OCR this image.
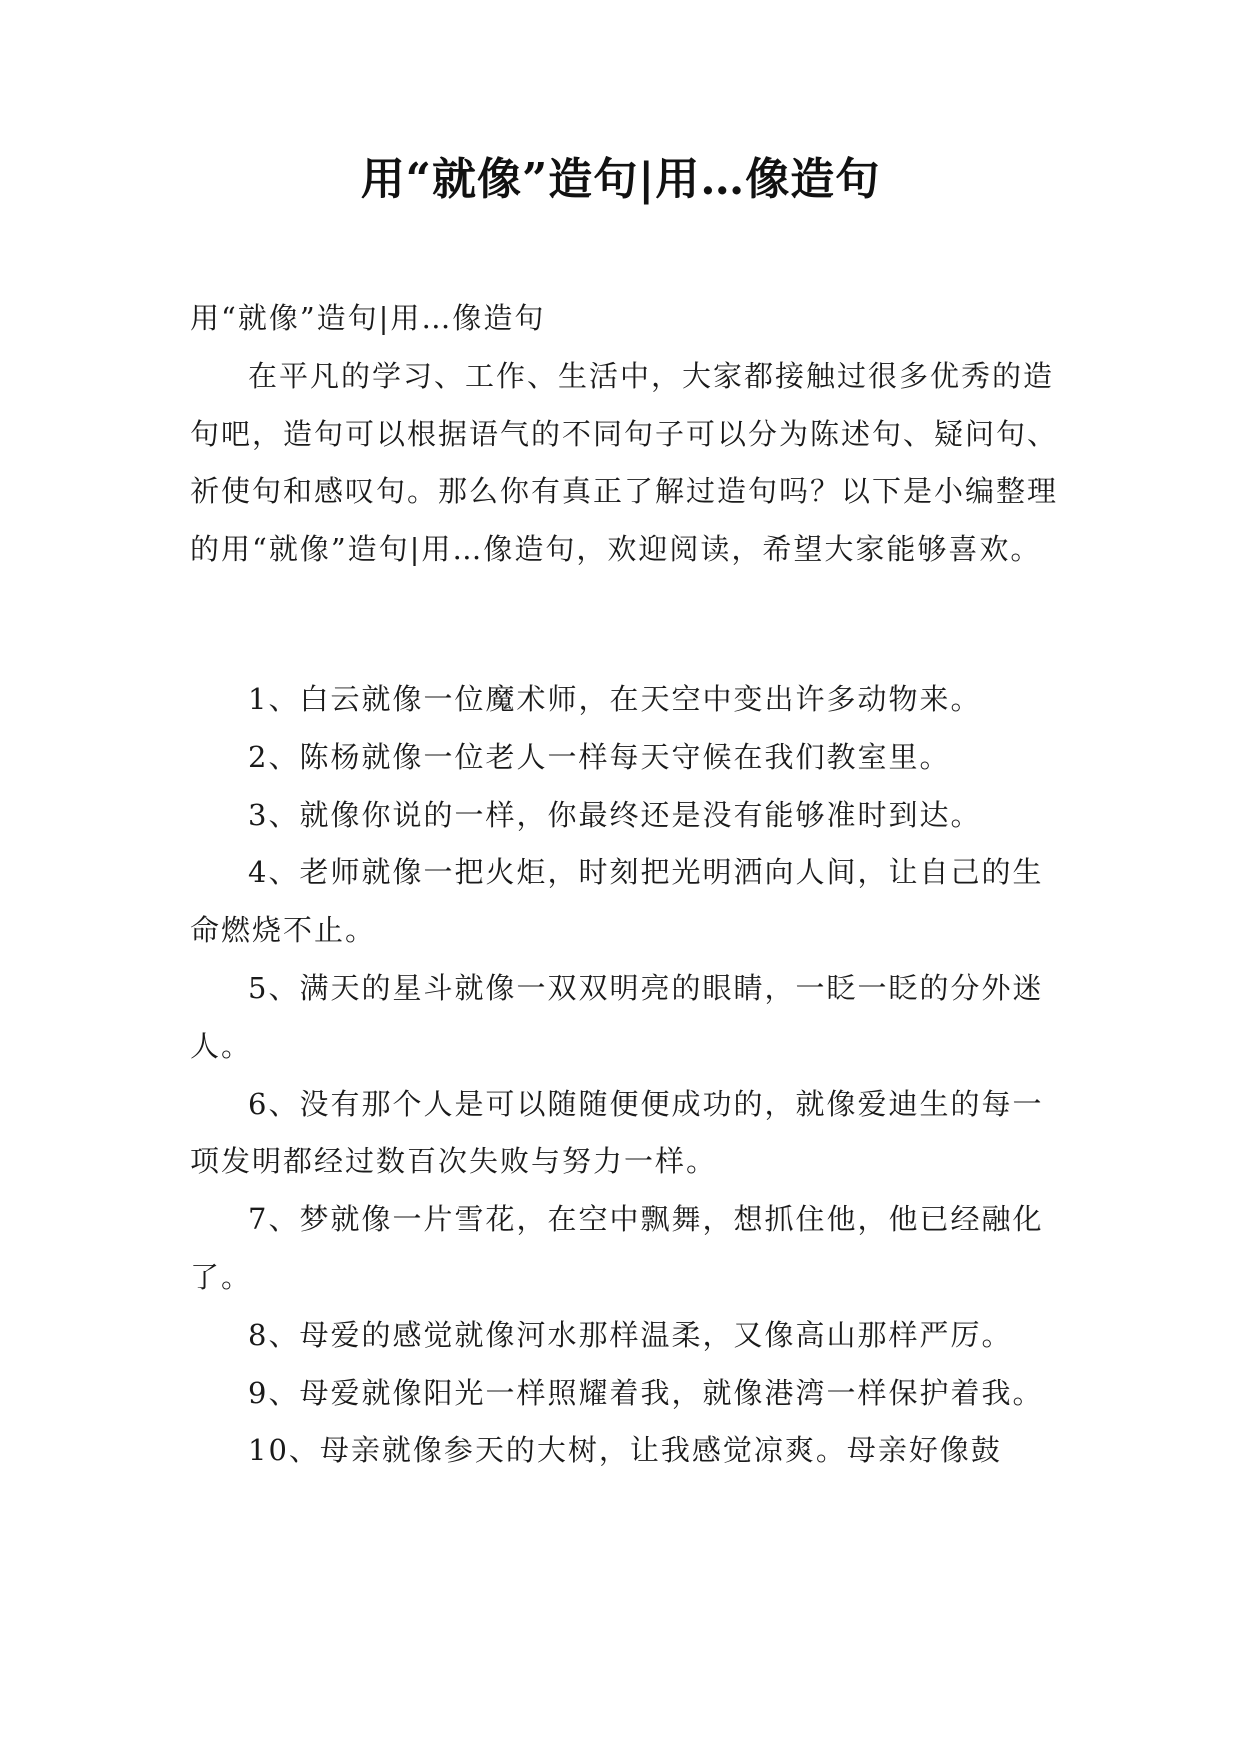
用“就像”造句|用…像造句

用“就像”造句|用…像造句

在平凡的学习、工作、生活中，大家都接触过很多优秀的造句吧，造句可以根据语气的不同句子可以分为陈述句、疑问句、祈使句和感叹句。那么你有真正了解过造句吗？以下是小编整理的用“就像”造句|用…像造句，欢迎阅读，希望大家能够喜欢。

1、白云就像一位魔术师，在天空中变出许多动物来。

2、陈杨就像一位老人一样每天守候在我们教室里。

3、就像你说的一样，你最终还是没有能够准时到达。

4、老师就像一把火炬，时刻把光明洒向人间，让自己的生命燃烧不止。

5、满天的星斗就像一双双明亮的眼睛，一眨一眨的分外迷人。

6、没有那个人是可以随随便便成功的，就像爱迪生的每一项发明都经过数百次失败与努力一样。

7、梦就像一片雪花，在空中飘舞，想抓住他，他已经融化了。

8、母爱的感觉就像河水那样温柔，又像高山那样严厉。

9、母爱就像阳光一样照耀着我，就像港湾一样保护着我。

10、母亲就像参天的大树，让我感觉凉爽。母亲好像鼓
